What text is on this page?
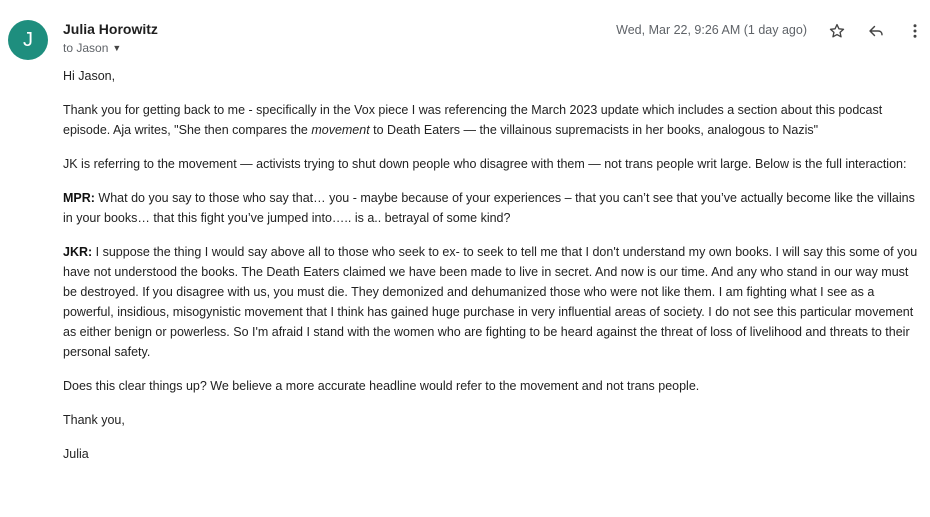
J	Julia Horowitz
to Jason ▼
Wed, Mar 22, 9:26 AM (1 day ago)

Hi Jason,

Thank you for getting back to me - specifically in the Vox piece I was referencing the March 2023 update which includes a section about this podcast episode. Aja writes, "She then compares the movement to Death Eaters — the villainous supremacists in her books, analogous to Nazis"

JK is referring to the movement — activists trying to shut down people who disagree with them — not trans people writ large. Below is the full interaction:

MPR: What do you say to those who say that… you - maybe because of your experiences – that you can’t see that you’ve actually become like the villains in your books… that this fight you’ve jumped into….. is a.. betrayal of some kind?

JKR: I suppose the thing I would say above all to those who seek to ex- to seek to tell me that I don't understand my own books. I will say this some of you have not understood the books. The Death Eaters claimed we have been made to live in secret. And now is our time. And any who stand in our way must be destroyed. If you disagree with us, you must die. They demonized and dehumanized those who were not like them. I am fighting what I see as a powerful, insidious, misogynistic movement that I think has gained huge purchase in very influential areas of society. I do not see this particular movement as either benign or powerless. So I'm afraid I stand with the women who are fighting to be heard against the threat of loss of livelihood and threats to their personal safety.

Does this clear things up? We believe a more accurate headline would refer to the movement and not trans people.

Thank you,

Julia
